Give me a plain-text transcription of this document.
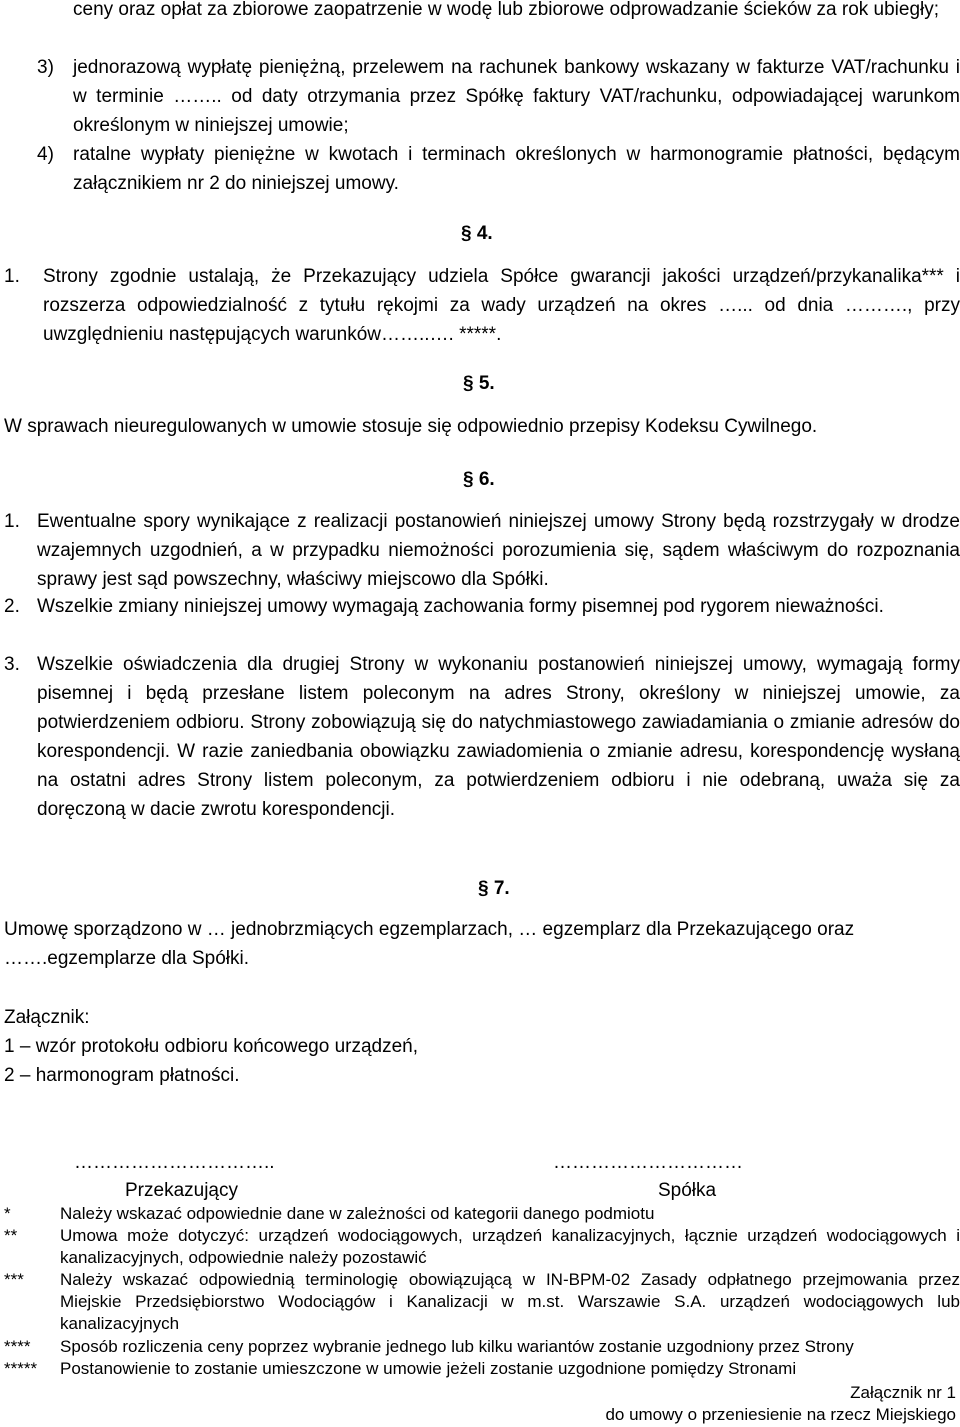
ceny oraz opłat za zbiorowe zaopatrzenie w wodę lub zbiorowe odprowadzanie ścieków za rok ubiegły;
3) jednorazową wypłatę pieniężną, przelewem na rachunek bankowy wskazany w fakturze VAT/rachunku i w terminie …….. od daty otrzymania przez Spółkę faktury VAT/rachunku, odpowiadającej warunkom określonym w niniejszej umowie;
4) ratalne wypłaty pieniężne w kwotach i terminach określonych w harmonogramie płatności, będącym załącznikiem nr 2 do niniejszej umowy.
§ 4.
1. Strony zgodnie ustalają, że Przekazujący udziela Spółce gwarancji jakości urządzeń/przykanalika*** i rozszerza odpowiedzialność z tytułu rękojmi za wady urządzeń na okres …... od dnia ………., przy uwzględnieniu następujących warunków……..…. *****.
§ 5.
W sprawach nieuregulowanych w umowie stosuje się odpowiednio przepisy Kodeksu Cywilnego.
§ 6.
1. Ewentualne spory wynikające z realizacji postanowień niniejszej umowy Strony będą rozstrzygały w drodze wzajemnych uzgodnień, a w przypadku niemożności porozumienia się, sądem właściwym do rozpoznania sprawy jest sąd powszechny, właściwy miejscowo dla Spółki.
2. Wszelkie zmiany niniejszej umowy wymagają zachowania formy pisemnej pod rygorem nieważności.
3. Wszelkie oświadczenia dla drugiej Strony w wykonaniu postanowień niniejszej umowy, wymagają formy pisemnej i będą przesłane listem poleconym na adres Strony, określony w niniejszej umowie, za potwierdzeniem odbioru. Strony zobowiązują się do natychmiastowego zawiadamiania o zmianie adresów do korespondencji. W razie zaniedbania obowiązku zawiadomienia o zmianie adresu, korespondencję wysłaną na ostatni adres Strony listem poleconym, za potwierdzeniem odbioru i nie odebraną, uważa się za doręczoną w dacie zwrotu korespondencji.
§ 7.
Umowę sporządzono w … jednobrzmiących egzemplarzach, … egzemplarz dla Przekazującego oraz
…….egzemplarze dla Spółki.
Załącznik:
1 – wzór protokołu odbioru końcowego urządzeń,
2 – harmonogram płatności.
…………………………..
Przekazujący
…………………………
Spółka
*	Należy wskazać odpowiednie dane w zależności od kategorii danego podmiotu
**	Umowa może dotyczyć: urządzeń wodociągowych, urządzeń kanalizacyjnych, łącznie urządzeń wodociągowych i kanalizacyjnych, odpowiednie należy pozostawić
*** Należy wskazać odpowiednią terminologię obowiązującą w IN-BPM-02 Zasady odpłatnego przejmowania przez Miejskie Przedsiębiorstwo Wodociągów i Kanalizacji w m.st. Warszawie S.A. urządzeń wodociągowych lub kanalizacyjnych
**** Sposób rozliczenia ceny poprzez wybranie jednego lub kilku wariantów zostanie uzgodniony przez Strony
***** Postanowienie to zostanie umieszczone w umowie jeżeli zostanie uzgodnione pomiędzy Stronami
Załącznik nr 1
do umowy o przeniesienie na rzecz Miejskiego
